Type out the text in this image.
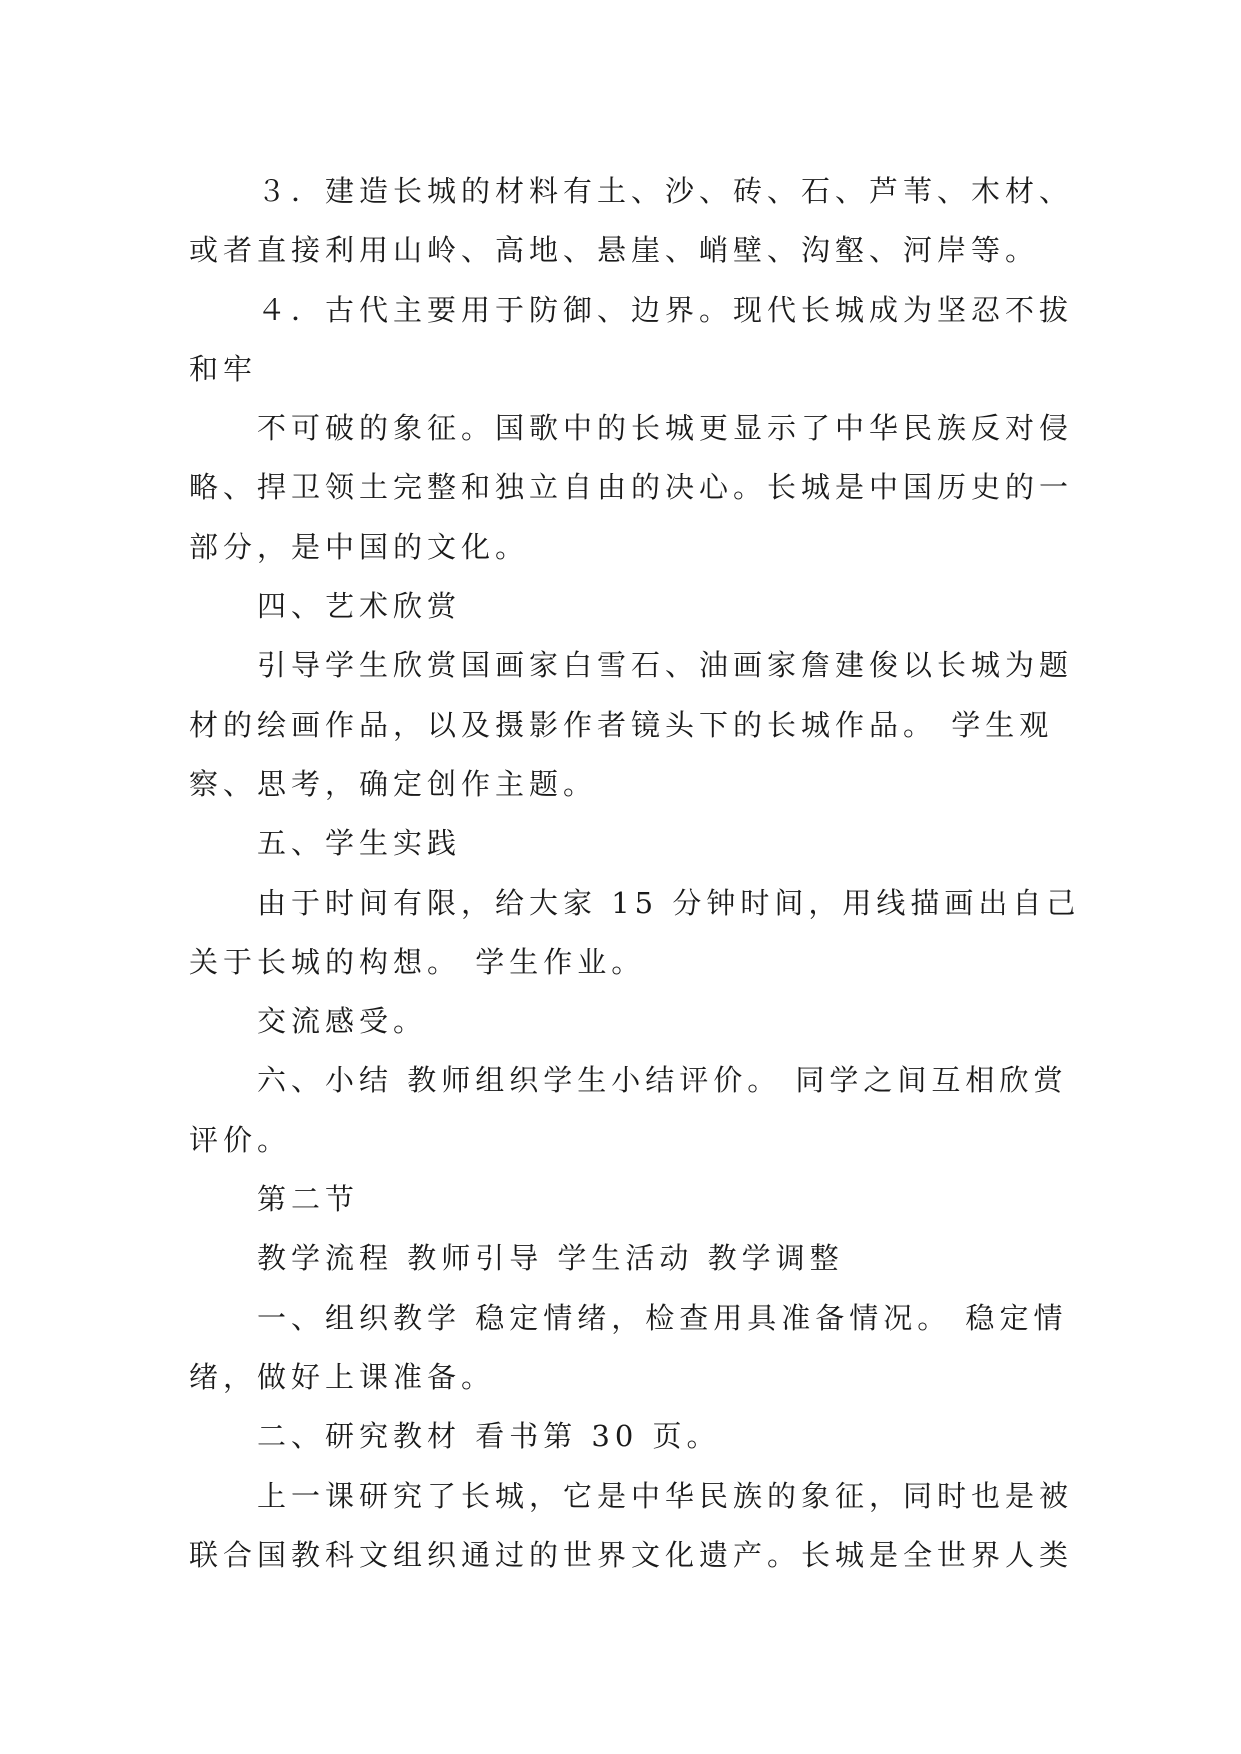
３．建造长城的材料有土、沙、砖、石、芦苇、木材、

或者直接利用山岭、高地、悬崖、峭壁、沟壑、河岸等。

４．古代主要用于防御、边界。现代长城成为坚忍不拔

和牢

不可破的象征。国歌中的长城更显示了中华民族反对侵

略、捍卫领土完整和独立自由的决心。长城是中国历史的一

部分，是中国的文化。

四、艺术欣赏

引导学生欣赏国画家白雪石、油画家詹建俊以长城为题

材的绘画作品，以及摄影作者镜头下的长城作品。 学生观

察、思考，确定创作主题。

五、学生实践

由于时间有限，给大家 15 分钟时间，用线描画出自己

关于长城的构想。 学生作业。

交流感受。

六、小结 教师组织学生小结评价。 同学之间互相欣赏

评价。

第二节

教学流程 教师引导 学生活动 教学调整

一、组织教学 稳定情绪，检查用具准备情况。 稳定情

绪，做好上课准备。

二、研究教材 看书第 30 页。

上一课研究了长城，它是中华民族的象征，同时也是被

联合国教科文组织通过的世界文化遗产。长城是全世界人类
